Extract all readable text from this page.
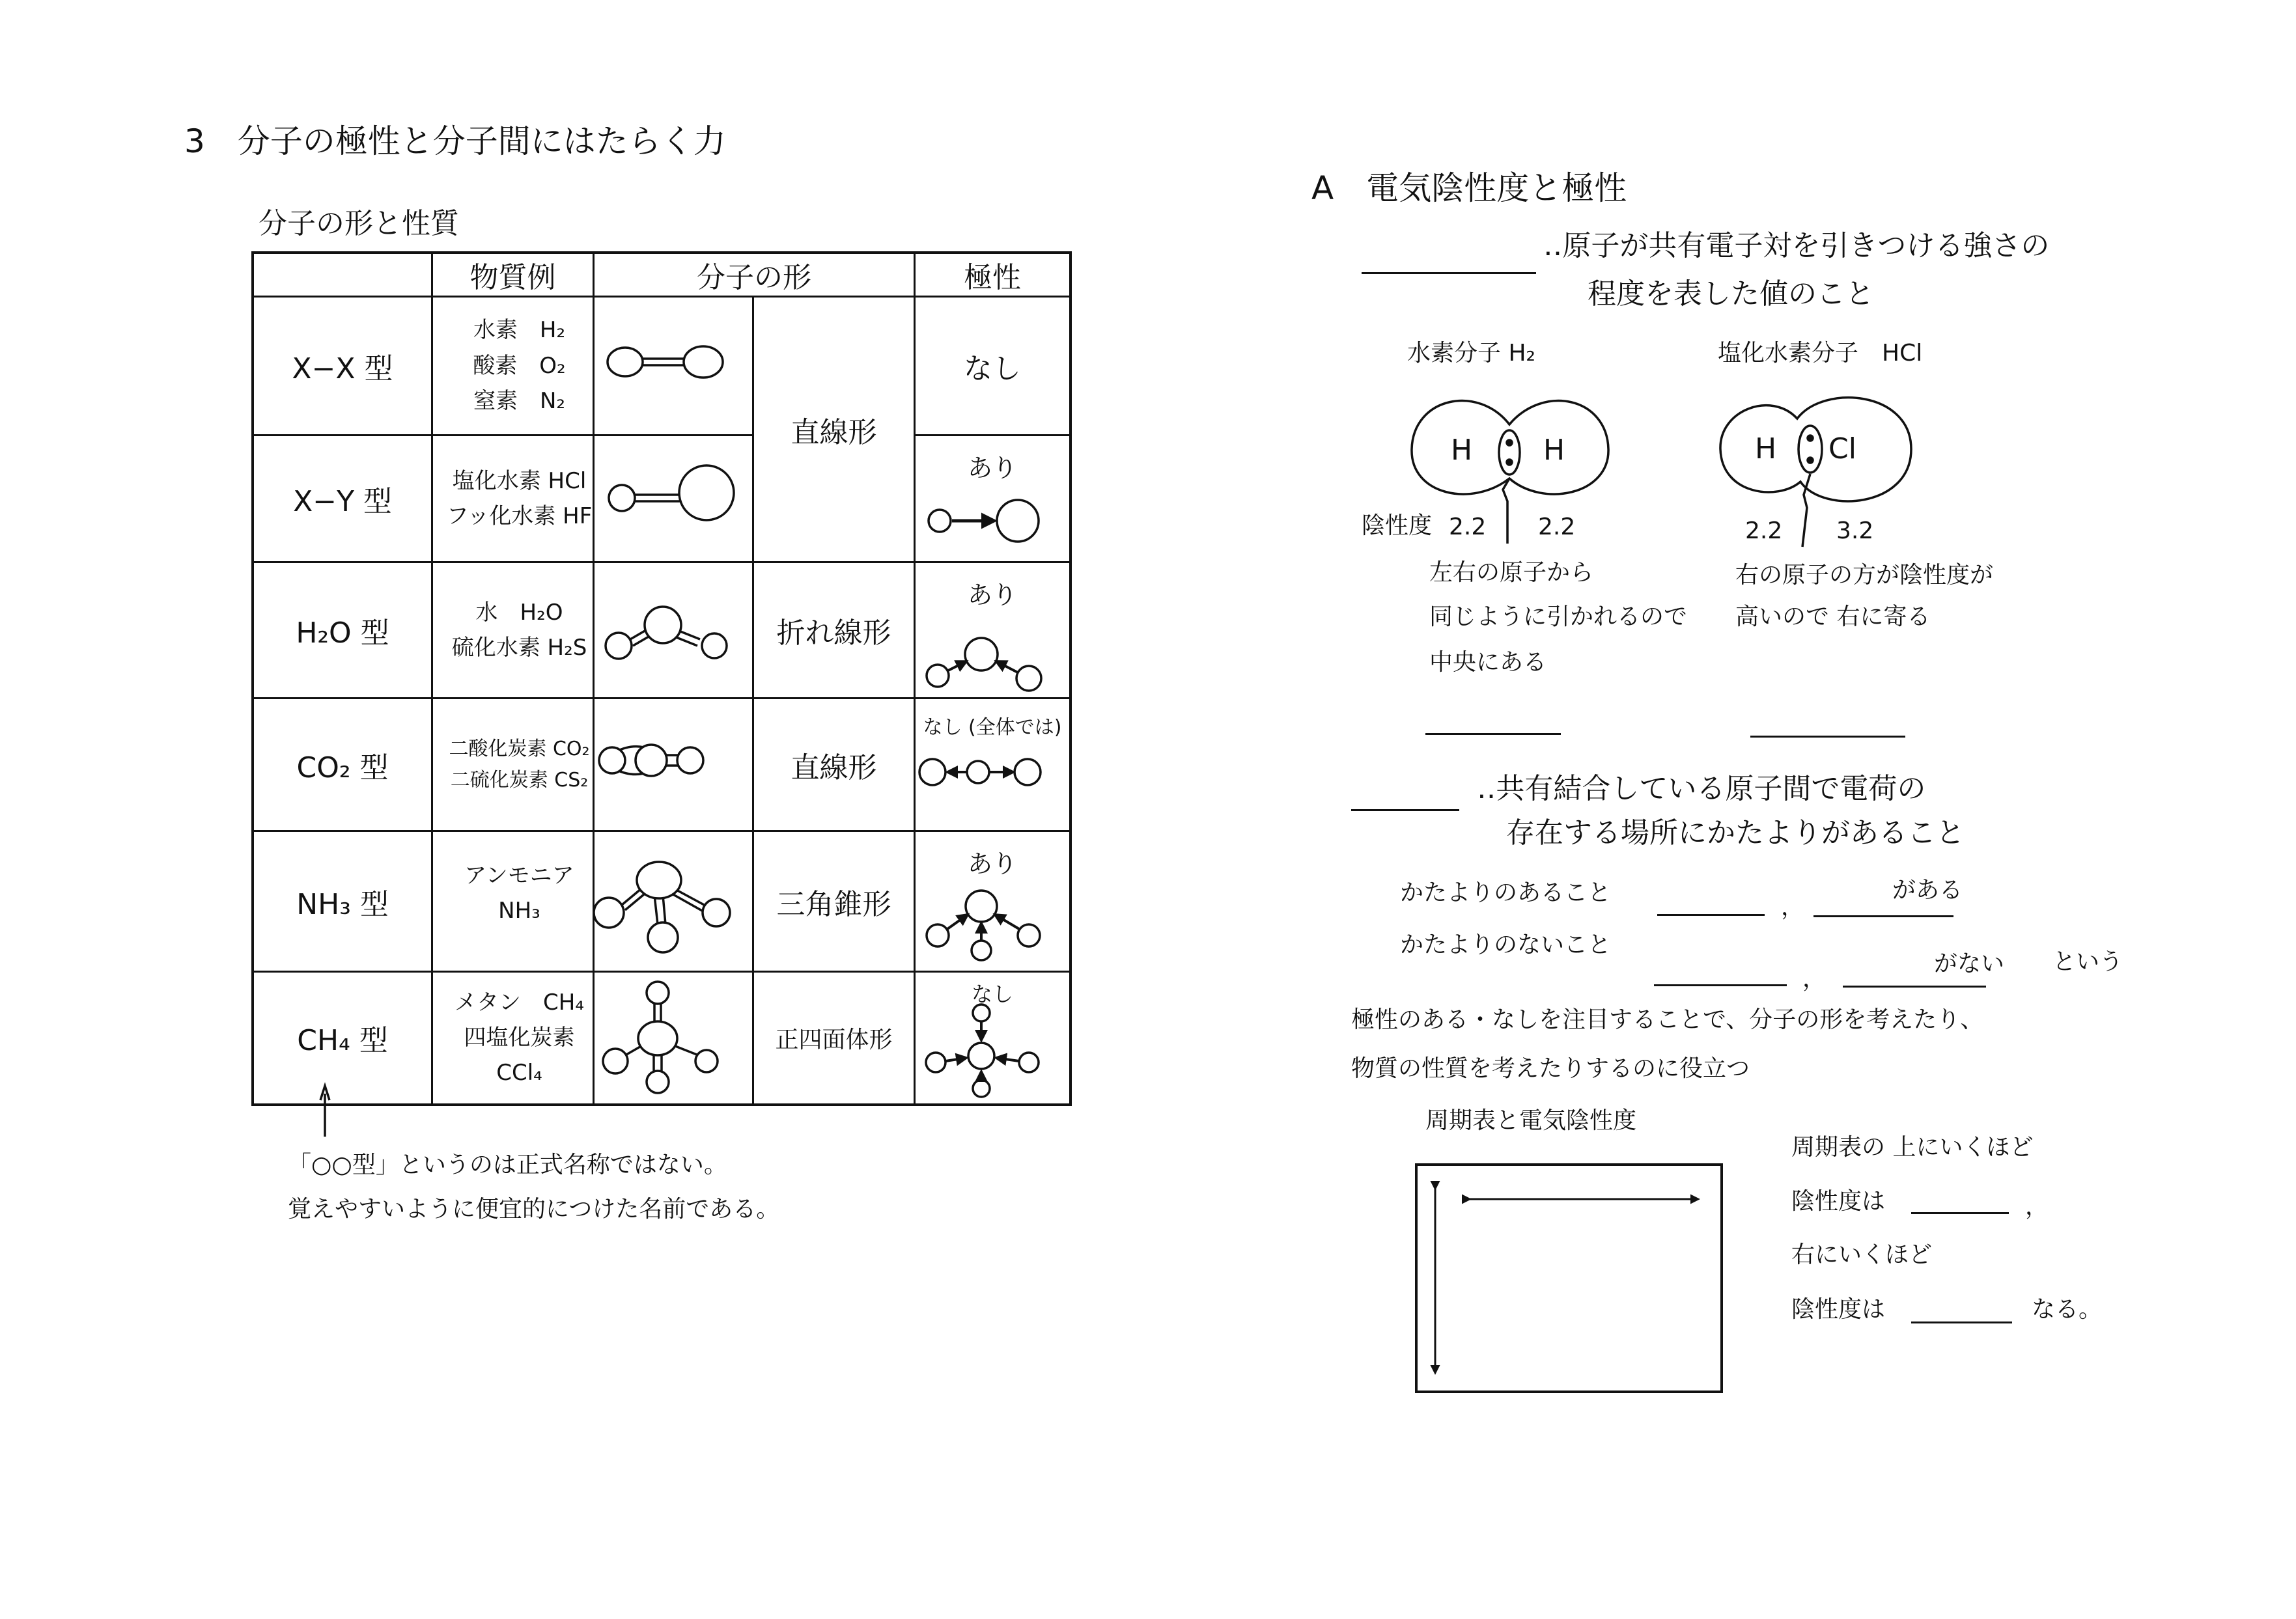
3　分子の極性と分子間にはたらく力
分子の形と性質
	物質例	分子の形		極性
X−X 型	水素　H₂
酸素　O₂
窒素　N₂		直線形	なし
X−Y 型	塩化水素 HCl
フッ化水素 HF			あり
H₂O 型	水　H₂O
硫化水素 H₂S		折れ線形	あり
CO₂ 型	二酸化炭素 CO₂
二硫化炭素 CS₂		直線形	なし (全体では)
NH₃ 型	アンモニア NH₃		三角錐形	あり
CH₄ 型	メタン　CH₄
四塩化炭素 CCl₄		正四面体形	なし
「○○型」というのは正式名称ではない。
覚えやすいように便宜的につけた名前である。
A　電気陰性度と極性
‥原子が共有電子対を引きつける強さの
程度を表した値のこと
水素分子 H₂	塩化水素分子　HCl
H H	H Cl
陰性度 2.2 2.2	2.2 3.2
左右の原子から
同じように引かれるので
中央にある
右の原子の方が陰性度が
高いので 右に寄る
‥共有結合している原子間で電荷の
存在する場所にかたよりがあること
かたよりのあること
，
がある
かたよりのないこと
，
がない という
極性のある・なしを注目することで、分子の形を考えたり、
物質の性質を考えたりするのに役立つ
周期表と電気陰性度
周期表の 上にいくほど
陰性度は	，
右にいくほど
陰性度は	なる。
